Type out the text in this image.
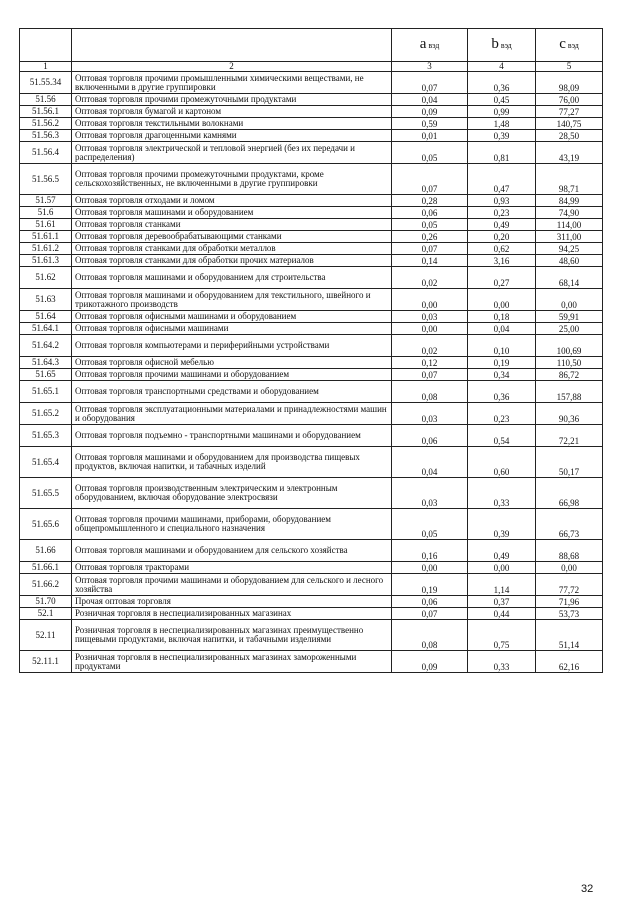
		a вэд	b вэд	c вэд
1	2	3	4	5
51.55.34	Оптовая торговля прочими промышленными химическими веществами, не включенными в другие группировки	0,07	0,36	98,09
51.56	Оптовая торговля прочими промежуточными продуктами	0,04	0,45	76,00
51.56.1	Оптовая торговля бумагой и картоном	0,09	0,99	77,27
51.56.2	Оптовая торговля текстильными волокнами	0,59	1,48	140,75
51.56.3	Оптовая торговля драгоценными камнями	0,01	0,39	28,50
51.56.4	Оптовая торговля электрической и тепловой энергией (без их передачи и распределения)	0,05	0,81	43,19
51.56.5	Оптовая торговля прочими промежуточными продуктами, кроме сельскохозяйственных, не включенными в другие группировки	0,07	0,47	98,71
51.57	Оптовая торговля отходами и ломом	0,28	0,93	84,99
51.6	Оптовая торговля машинами и оборудованием	0,06	0,23	74,90
51.61	Оптовая торговля станками	0,05	0,49	114,00
51.61.1	Оптовая торговля деревообрабатывающими станками	0,26	0,20	311,00
51.61.2	Оптовая торговля станками для обработки металлов	0,07	0,62	94,25
51.61.3	Оптовая торговля станками для обработки прочих материалов	0,14	3,16	48,60
51.62	Оптовая торговля машинами и оборудованием для строительства	0,02	0,27	68,14
51.63	Оптовая торговля машинами и оборудованием для текстильного, швейного и трикотажного производств	0,00	0,00	0,00
51.64	Оптовая торговля офисными машинами и оборудованием	0,03	0,18	59,91
51.64.1	Оптовая торговля офисными машинами	0,00	0,04	25,00
51.64.2	Оптовая торговля компьютерами и периферийными устройствами	0,02	0,10	100,69
51.64.3	Оптовая торговля офисной мебелью	0,12	0,19	110,50
51.65	Оптовая торговля прочими машинами и оборудованием	0,07	0,34	86,72
51.65.1	Оптовая торговля транспортными средствами и оборудованием	0,08	0,36	157,88
51.65.2	Оптовая торговля эксплуатационными материалами и принадлежностями машин и оборудования	0,03	0,23	90,36
51.65.3	Оптовая торговля подъемно - транспортными машинами и оборудованием	0,06	0,54	72,21
51.65.4	Оптовая торговля машинами и оборудованием для производства пищевых продуктов, включая напитки, и табачных изделий	0,04	0,60	50,17
51.65.5	Оптовая торговля производственным электрическим и электронным оборудованием, включая оборудование электросвязи	0,03	0,33	66,98
51.65.6	Оптовая торговля прочими машинами, приборами, оборудованием общепромышленного и специального назначения	0,05	0,39	66,73
51.66	Оптовая торговля машинами и оборудованием для сельского хозяйства	0,16	0,49	88,68
51.66.1	Оптовая торговля тракторами	0,00	0,00	0,00
51.66.2	Оптовая торговля прочими машинами и оборудованием для сельского и лесного хозяйства	0,19	1,14	77,72
51.70	Прочая оптовая торговля	0,06	0,37	71,96
52.1	Розничная торговля в неспециализированных магазинах	0,07	0,44	53,73
52.11	Розничная торговля в неспециализированных магазинах преимущественно пищевыми продуктами, включая напитки, и табачными изделиями	0,08	0,75	51,14
52.11.1	Розничная торговля в неспециализированных магазинах замороженными продуктами	0,09	0,33	62,16
32
